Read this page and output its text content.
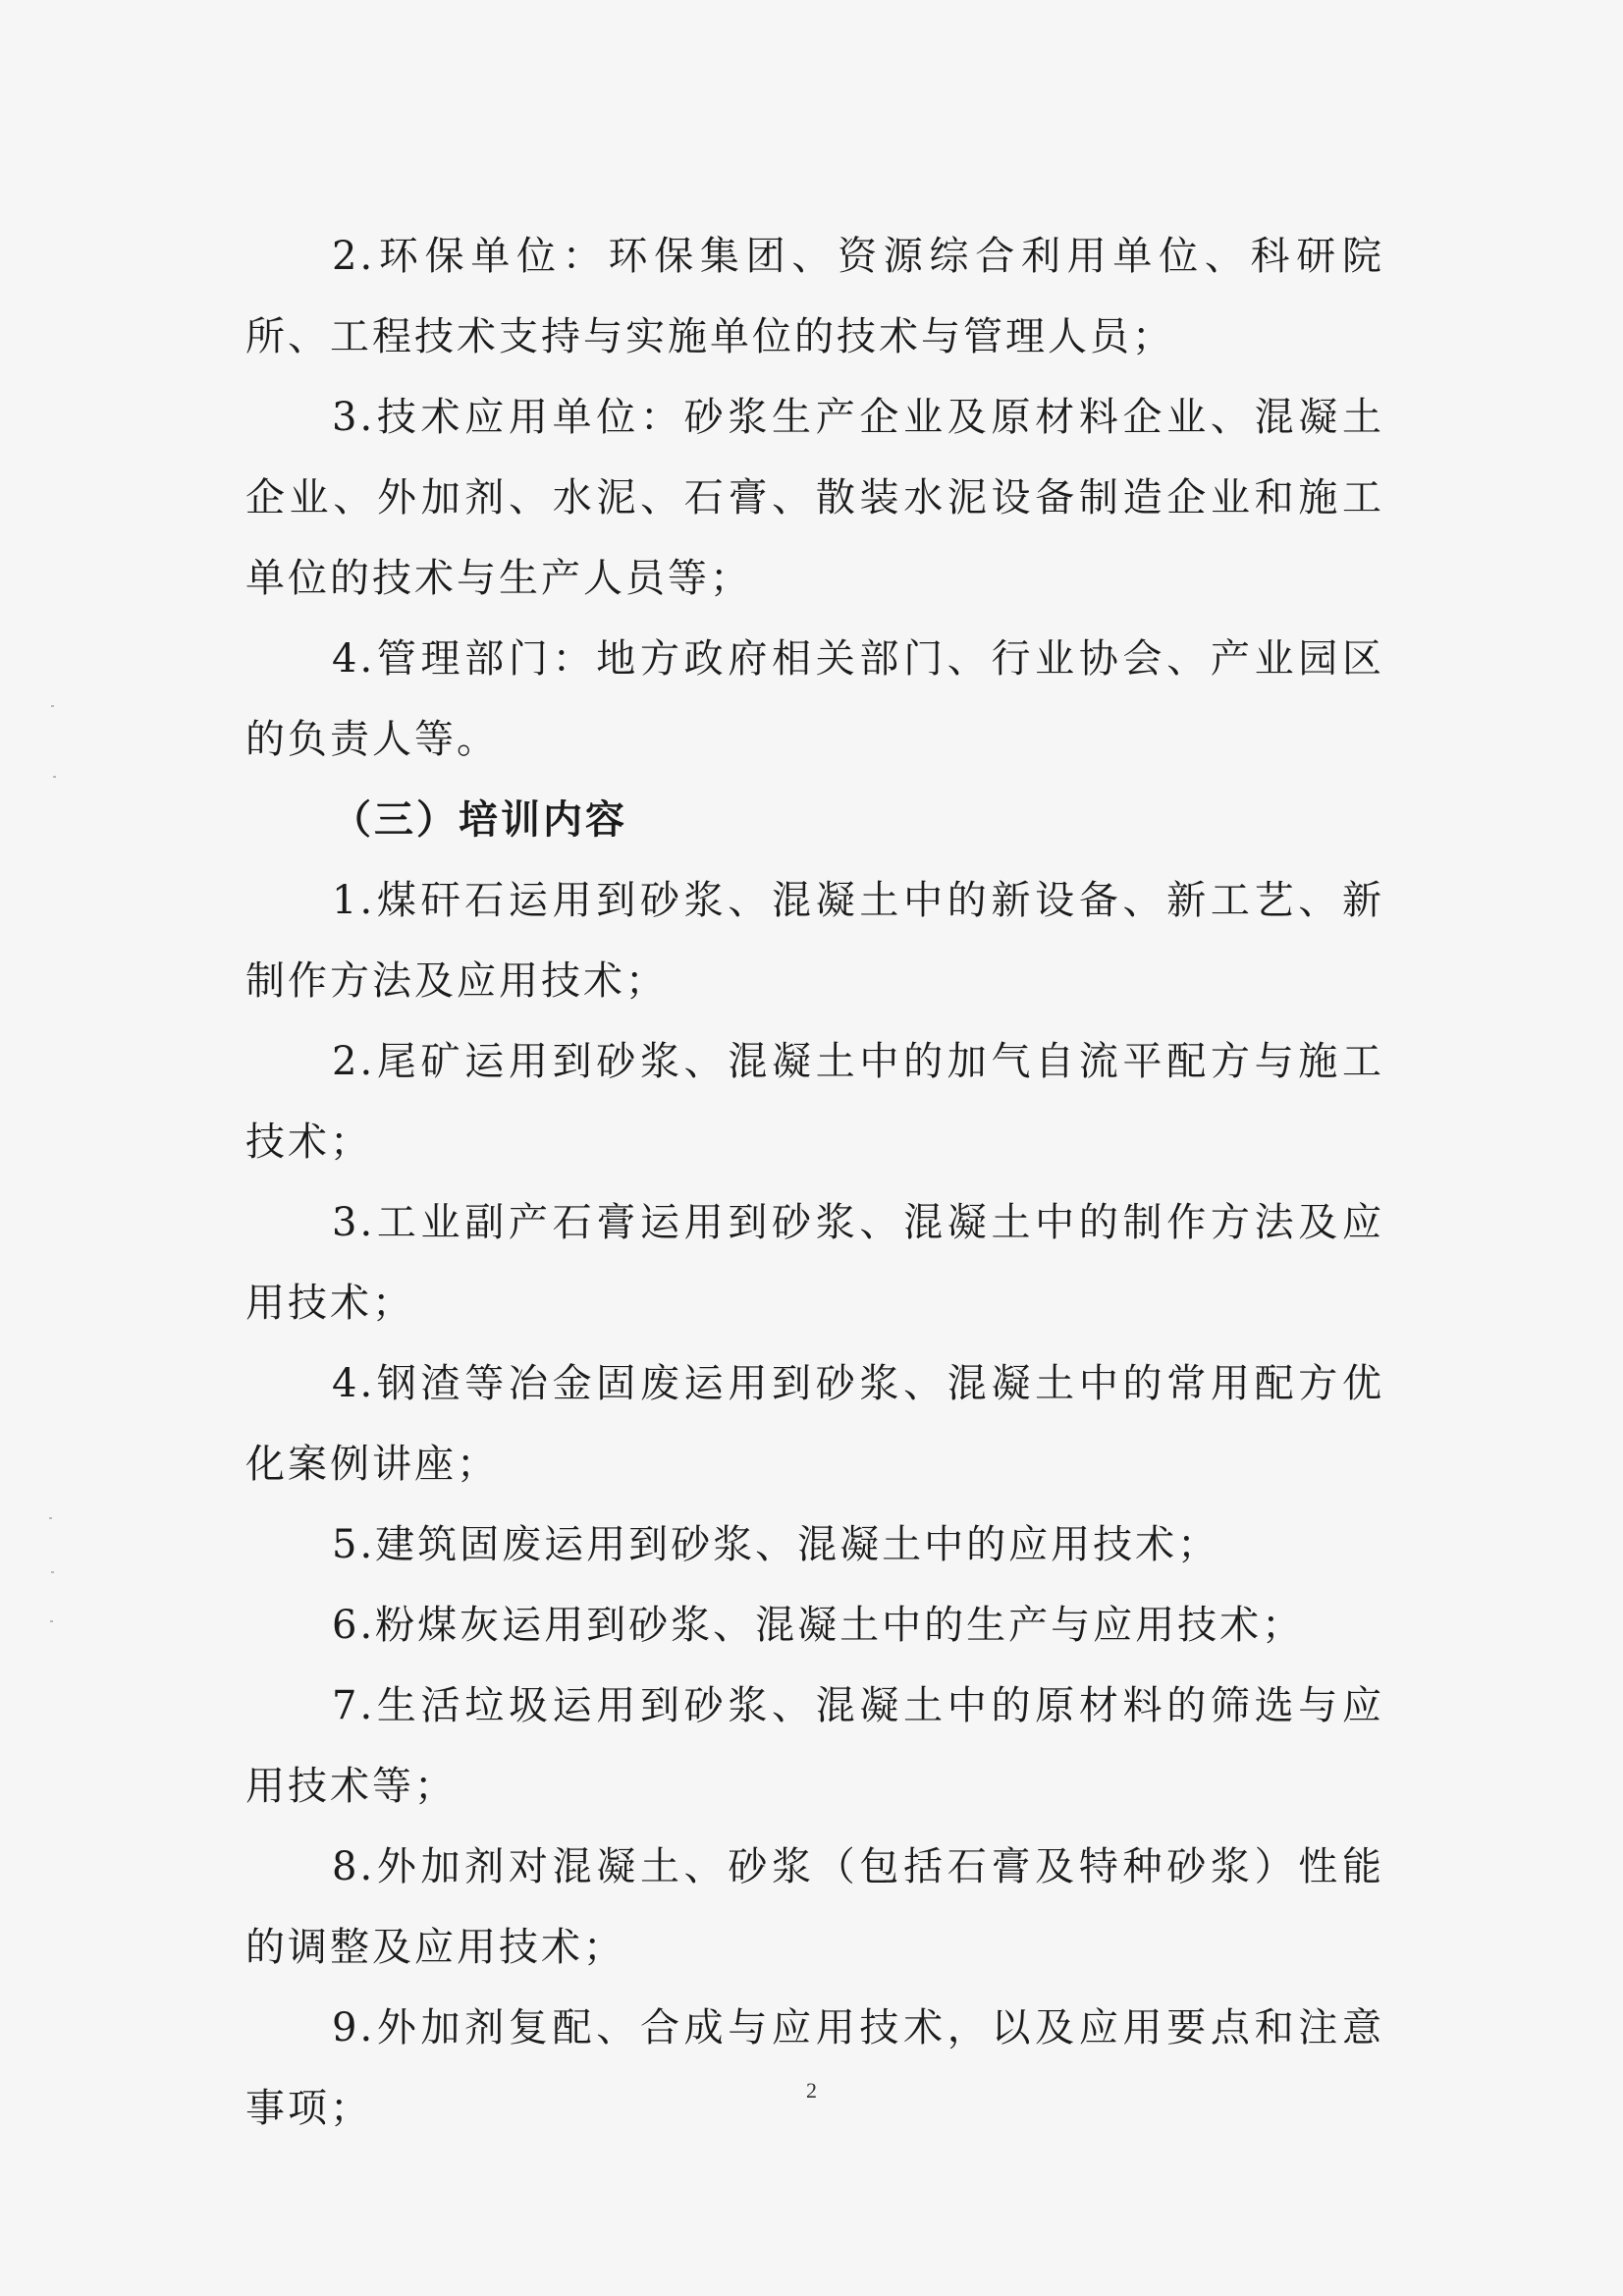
2.环保单位：环保集团、资源综合利用单位、科研院所、工程技术支持与实施单位的技术与管理人员；

3.技术应用单位：砂浆生产企业及原材料企业、混凝土企业、外加剂、水泥、石膏、散装水泥设备制造企业和施工单位的技术与生产人员等；

4.管理部门：地方政府相关部门、行业协会、产业园区的负责人等。

（三）培训内容

1.煤矸石运用到砂浆、混凝土中的新设备、新工艺、新制作方法及应用技术；

2.尾矿运用到砂浆、混凝土中的加气自流平配方与施工技术；

3.工业副产石膏运用到砂浆、混凝土中的制作方法及应用技术；

4.钢渣等冶金固废运用到砂浆、混凝土中的常用配方优化案例讲座；

5.建筑固废运用到砂浆、混凝土中的应用技术；

6.粉煤灰运用到砂浆、混凝土中的生产与应用技术；

7.生活垃圾运用到砂浆、混凝土中的原材料的筛选与应用技术等；

8.外加剂对混凝土、砂浆（包括石膏及特种砂浆）性能的调整及应用技术；

9.外加剂复配、合成与应用技术，以及应用要点和注意事项；	2
